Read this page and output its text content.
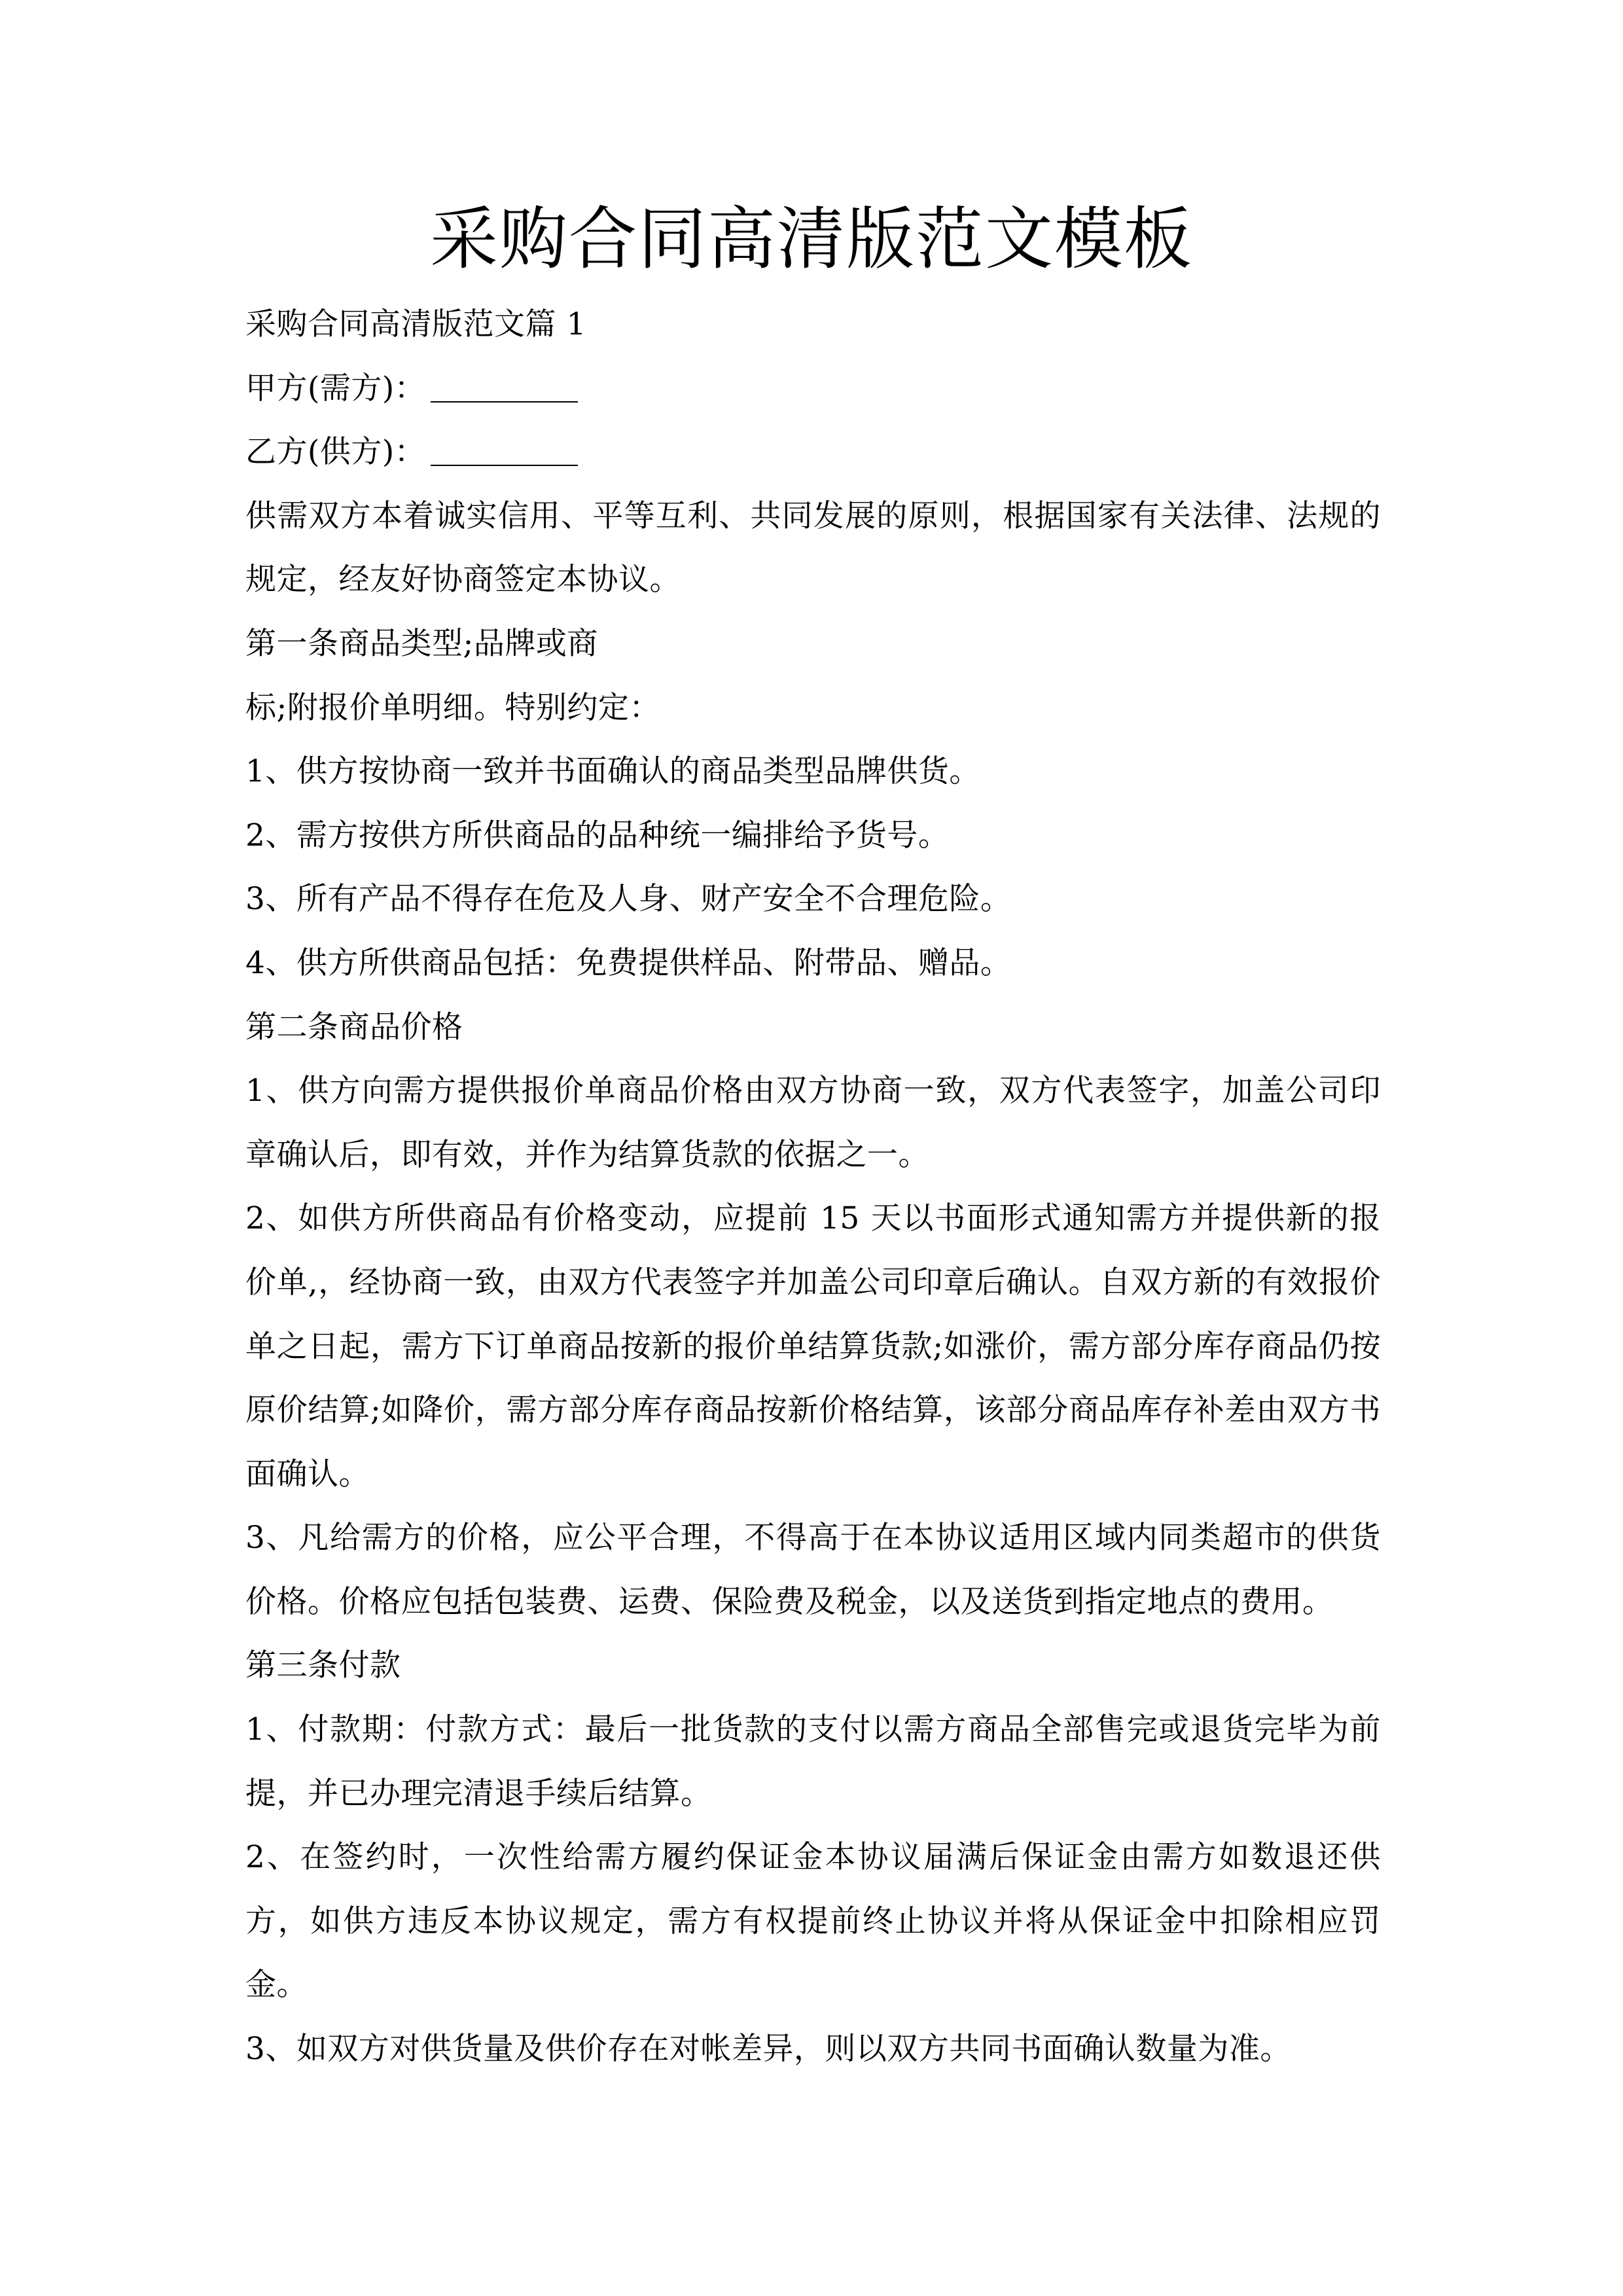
采购合同高清版范文模板

采购合同高清版范文篇 1

甲方(需方)：

乙方(供方)：

供需双方本着诚实信用、平等互利、共同发展的原则，根据国家有关法律、法规的规定，经友好协商签定本协议。

第一条商品类型;品牌或商

标;附报价单明细。特别约定：

1、供方按协商一致并书面确认的商品类型品牌供货。

2、需方按供方所供商品的品种统一编排给予货号。

3、所有产品不得存在危及人身、财产安全不合理危险。

4、供方所供商品包括：免费提供样品、附带品、赠品。

第二条商品价格

1、供方向需方提供报价单商品价格由双方协商一致，双方代表签字，加盖公司印章确认后，即有效，并作为结算货款的依据之一。

2、如供方所供商品有价格变动，应提前 15 天以书面形式通知需方并提供新的报价单,，经协商一致，由双方代表签字并加盖公司印章后确认。自双方新的有效报价单之日起，需方下订单商品按新的报价单结算货款;如涨价，需方部分库存商品仍按原价结算;如降价，需方部分库存商品按新价格结算，该部分商品库存补差由双方书面确认。

3、凡给需方的价格，应公平合理，不得高于在本协议适用区域内同类超市的供货价格。价格应包括包装费、运费、保险费及税金，以及送货到指定地点的费用。

第三条付款

1、付款期：付款方式：最后一批货款的支付以需方商品全部售完或退货完毕为前提，并已办理完清退手续后结算。

2、在签约时，一次性给需方履约保证金本协议届满后保证金由需方如数退还供方，如供方违反本协议规定，需方有权提前终止协议并将从保证金中扣除相应罚金。

3、如双方对供货量及供价存在对帐差异，则以双方共同书面确认数量为准。
